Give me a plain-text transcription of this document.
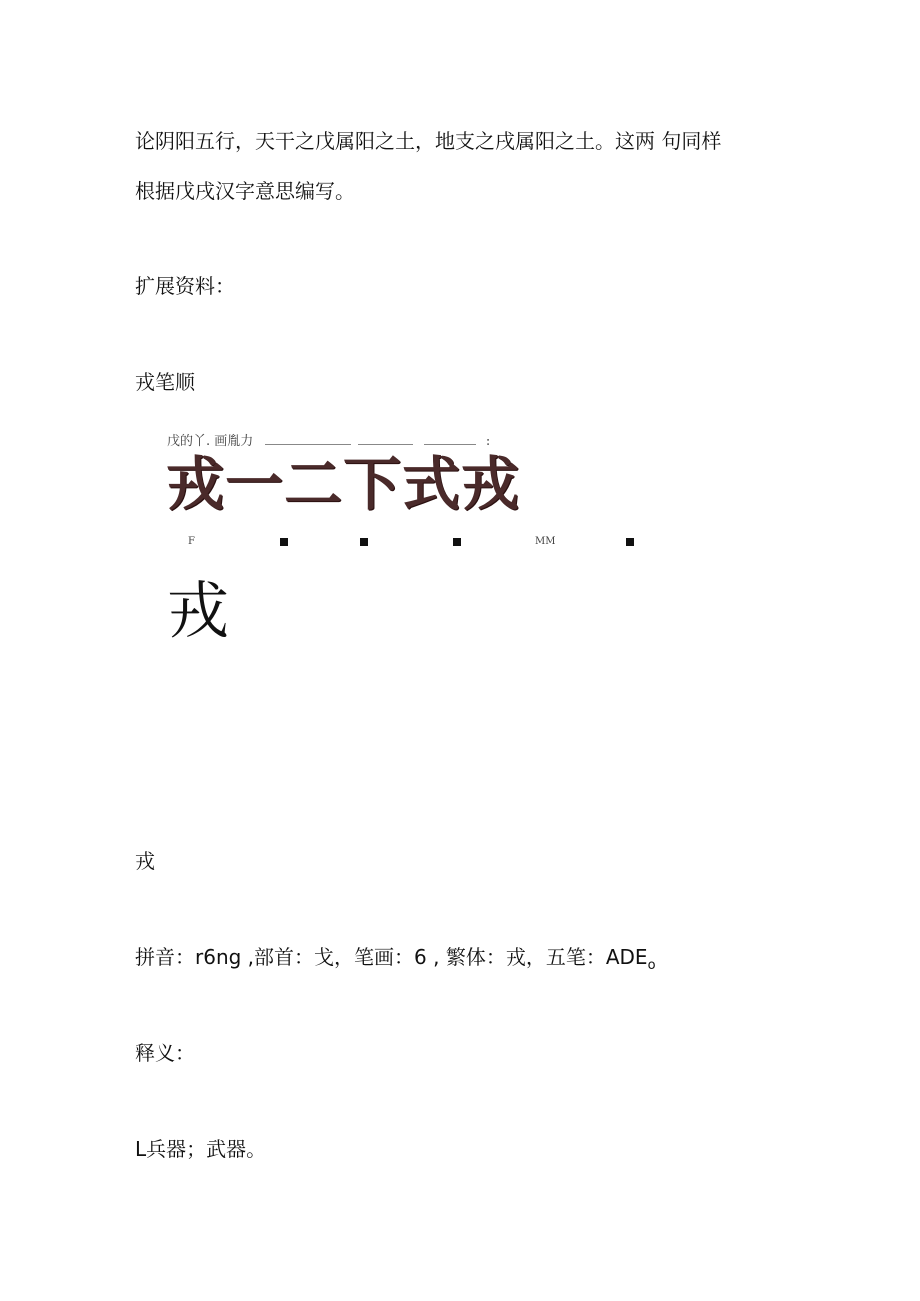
论阴阳五行，天干之戊属阳之土，地支之戌属阳之土。这两 句同样
根据戊戌汉字意思编写。
扩展资料：
戎笔顺
戊的丫. 画胤力	:
戎 一 二 下 式 戎
F	MM
戎
戎
拼音：r6ng ,部首：戈，笔画：6 , 繁体：戎，五笔：$ADE_o$
释义：
L兵器；武器。
